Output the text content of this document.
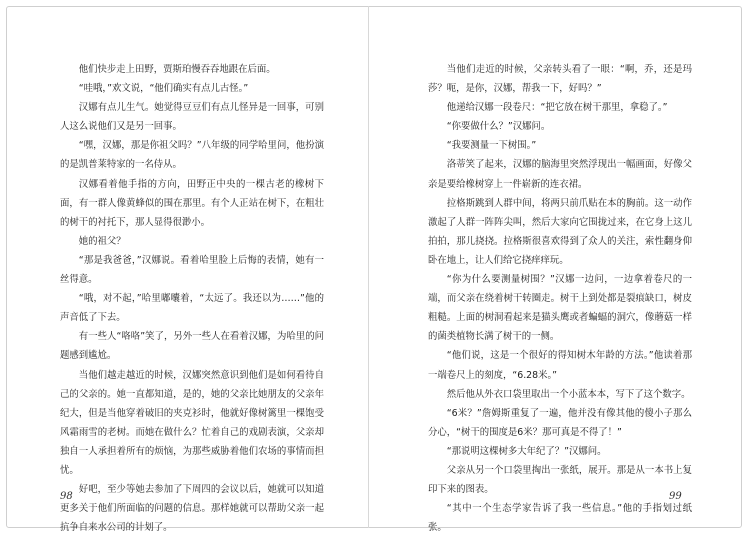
他们快步走上田野，贾斯珀慢吞吞地跟在后面。

“哇哦，”欢文说，“他们确实有点儿古怪。”

汉娜有点儿生气。她觉得豆豆们有点儿怪异是一回事，可别人这么说他们又是另一回事。

“嘿，汉娜，那是你祖父吗？”八年级的同学哈里问，他扮演的是凯普莱特家的一名侍从。

汉娜看着他手指的方向，田野正中央的一棵古老的橡树下面，有一群人像黄蜂似的围在那里。有个人正站在树下，在粗壮的树干的衬托下，那人显得很渺小。

她的祖父？

“那是我爸爸，”汉娜说。看着哈里脸上后悔的表情，她有一丝得意。

“哦，对不起，”哈里嘟囔着，“太远了。我还以为……”他的声音低了下去。

有一些人“咯咯”笑了，另外一些人在看着汉娜，为哈里的问题感到尴尬。

当他们越走越近的时候，汉娜突然意识到他们是如何看待自己的父亲的。她一直都知道，是的，她的父亲比她朋友的父亲年纪大，但是当他穿着破旧的夹克衫时，他就好像树篱里一棵饱受风霜雨雪的老树。而她在做什么？忙着自己的戏剧表演，父亲却独自一人承担着所有的烦恼，为那些威胁着他们农场的事情而担忧。

好吧，至少等她去参加了下周四的会议以后，她就可以知道更多关于他们所面临的问题的信息。那样她就可以帮助父亲一起抗争自来水公司的计划了。

当他们走近的时候，父亲转头看了一眼：“啊，乔，还是玛莎？呃，是你，汉娜，帮我一下，好吗？”

他递给汉娜一段卷尺：“把它放在树干那里，拿稳了。”

“你要做什么？”汉娜问。

“我要测量一下树围。”

洛蒂笑了起来，汉娜的脑海里突然浮现出一幅画面，好像父亲是要给橡树穿上一件崭新的连衣裙。

拉格斯跳到人群中间，将两只前爪贴在本的胸前。这一动作激起了人群一阵阵尖叫，然后大家向它围拢过来，在它身上这儿拍拍，那儿挠挠。拉格斯很喜欢得到了众人的关注，索性翻身仰卧在地上，让人们给它挠痒痒玩。

“你为什么要测量树围？”汉娜一边问，一边拿着卷尺的一端，而父亲在绕着树干转圈走。树干上到处都是裂痕缺口，树皮粗糙。上面的树洞看起来是猫头鹰或者蝙蝠的洞穴，像蘑菇一样的菌类植物长满了树干的一侧。

“他们说，这是一个很好的得知树木年龄的方法。”他读着那一端卷尺上的刻度，“6.28米。”

然后他从外衣口袋里取出一个小蓝本本，写下了这个数字。

“6米？”詹姆斯重复了一遍，他并没有像其他的傻小子那么分心，“树干的围度是6米？那可真是不得了！”

“那说明这棵树多大年纪了？”汉娜问。

父亲从另一个口袋里掏出一张纸，展开。那是从一本书上复印下来的图表。

“其中一个生态学家告诉了我一些信息。”他的手指划过纸张。

98	99
